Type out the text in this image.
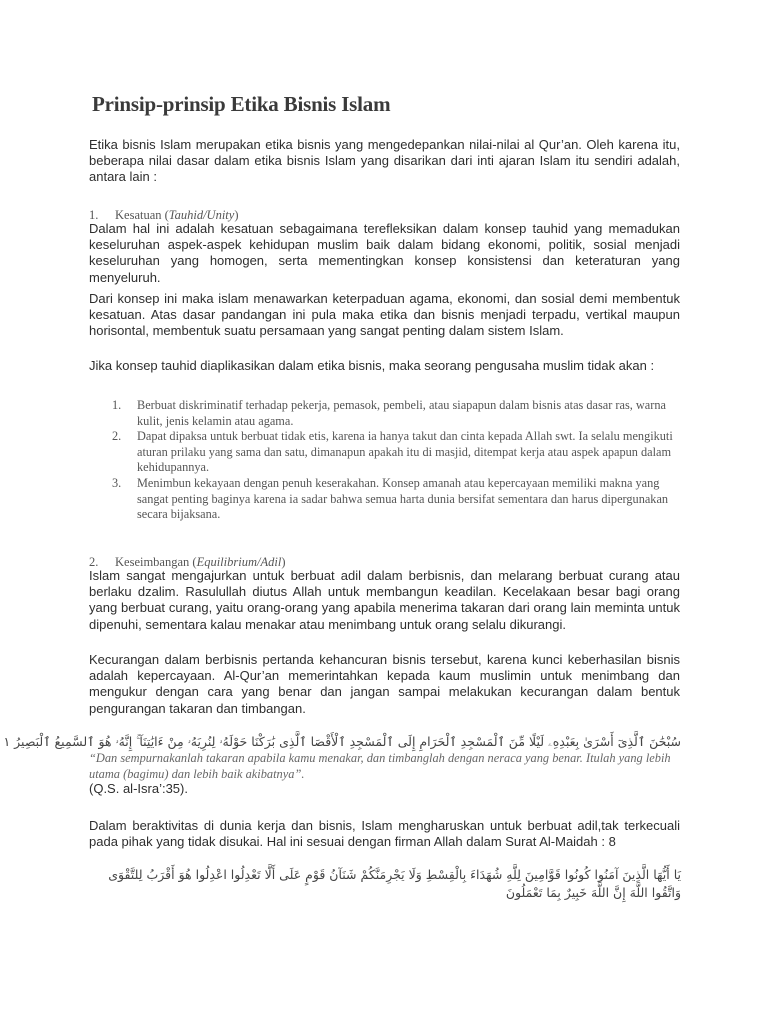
Prinsip-prinsip Etika Bisnis Islam

Etika bisnis Islam merupakan etika bisnis yang mengedepankan nilai-nilai al Qur’an. Oleh karena itu, beberapa nilai dasar dalam etika bisnis Islam yang disarikan dari inti ajaran Islam itu sendiri adalah, antara lain :

1. Kesatuan (Tauhid/Unity)

Dalam hal ini adalah kesatuan sebagaimana terefleksikan dalam konsep tauhid yang memadukan keseluruhan aspek-aspek kehidupan muslim baik dalam bidang ekonomi, politik, sosial menjadi keseluruhan yang homogen, serta mementingkan konsep konsistensi dan keteraturan yang menyeluruh.

Dari konsep ini maka islam menawarkan keterpaduan agama, ekonomi, dan sosial demi membentuk kesatuan. Atas dasar pandangan ini pula maka etika dan bisnis menjadi terpadu, vertikal maupun horisontal, membentuk suatu persamaan yang sangat penting dalam sistem Islam.

Jika konsep tauhid diaplikasikan dalam etika bisnis, maka seorang pengusaha muslim tidak akan :

1. Berbuat diskriminatif terhadap pekerja, pemasok, pembeli, atau siapapun dalam bisnis atas dasar ras, warna kulit, jenis kelamin atau agama.
2. Dapat dipaksa untuk berbuat tidak etis, karena ia hanya takut dan cinta kepada Allah swt. Ia selalu mengikuti aturan prilaku yang sama dan satu, dimanapun apakah itu di masjid, ditempat kerja atau aspek apapun dalam kehidupannya.
3. Menimbun kekayaan dengan penuh keserakahan. Konsep amanah atau kepercayaan memiliki makna yang sangat penting baginya karena ia sadar bahwa semua harta dunia bersifat sementara dan harus dipergunakan secara bijaksana.
2. Keseimbangan (Equilibrium/Adil)

Islam sangat mengajurkan untuk berbuat adil dalam berbisnis, dan melarang berbuat curang atau berlaku dzalim. Rasulullah diutus Allah untuk membangun keadilan. Kecelakaan besar bagi orang yang berbuat curang, yaitu orang-orang yang apabila menerima takaran dari orang lain meminta untuk dipenuhi, sementara kalau menakar atau menimbang untuk orang selalu dikurangi.

Kecurangan dalam berbisnis pertanda kehancuran bisnis tersebut, karena kunci keberhasilan bisnis adalah kepercayaan. Al-Qur’an memerintahkan kepada kaum muslimin untuk menimbang dan mengukur dengan cara yang benar dan jangan sampai melakukan kecurangan dalam bentuk pengurangan takaran dan timbangan.

سُبْحَٰنَ ٱلَّذِىٓ أَسْرَىٰ بِعَبْدِهِۦ لَيْلًا مِّنَ ٱلْمَسْجِدِ ٱلْحَرَامِ إِلَى ٱلْمَسْجِدِ ٱلْأَقْصَا ٱلَّذِى بَٰرَكْنَا حَوْلَهُۥ لِنُرِيَهُۥ مِنْ ءَايَٰتِنَآ ۚ إِنَّهُۥ هُوَ ٱلسَّمِيعُ ٱلْبَصِيرُ ١

“Dan sempurnakanlah takaran apabila kamu menakar, dan timbanglah dengan neraca yang benar. Itulah yang lebih utama (bagimu) dan lebih baik akibatnya”.

(Q.S. al-Isra’:35).

Dalam beraktivitas di dunia kerja dan bisnis, Islam mengharuskan untuk berbuat adil,tak terkecuali pada pihak yang tidak disukai. Hal ini sesuai dengan firman Allah dalam Surat Al-Maidah : 8

يَا أَيُّهَا الَّذِينَ آمَنُوا كُونُوا قَوَّامِينَ لِلَّهِ شُهَدَاءَ بِالْقِسْطِ وَلَا يَجْرِمَنَّكُمْ شَنَآنُ قَوْمٍ عَلَى أَلَّا تَعْدِلُوا اعْدِلُوا هُوَ أَقْرَبُ لِلتَّقْوَى وَاتَّقُوا اللَّهَ إِنَّ اللَّهَ خَبِيرٌ بِمَا تَعْمَلُونَ
